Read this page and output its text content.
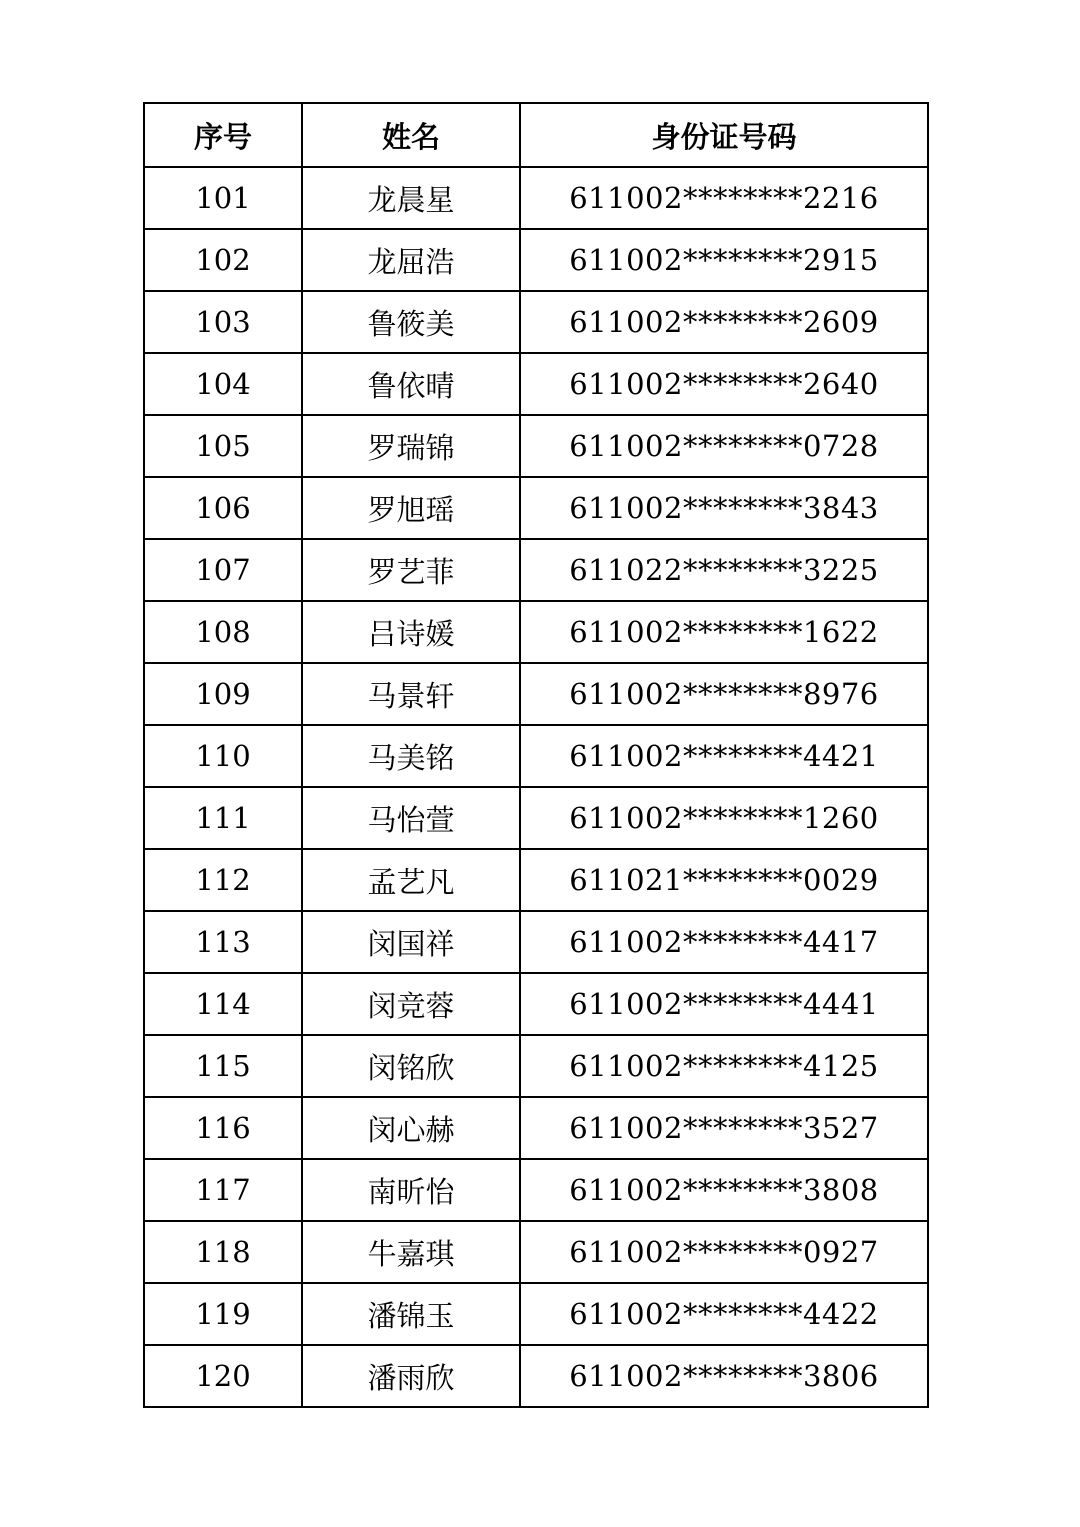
序号	姓名	身份证号码
101	龙晨星	611002********2216
102	龙屈浩	611002********2915
103	鲁筱美	611002********2609
104	鲁依晴	611002********2640
105	罗瑞锦	611002********0728
106	罗旭瑶	611002********3843
107	罗艺菲	611022********3225
108	吕诗媛	611002********1622
109	马景轩	611002********8976
110	马美铭	611002********4421
111	马怡萱	611002********1260
112	孟艺凡	611021********0029
113	闵国祥	611002********4417
114	闵竞蓉	611002********4441
115	闵铭欣	611002********4125
116	闵心赫	611002********3527
117	南昕怡	611002********3808
118	牛嘉琪	611002********0927
119	潘锦玉	611002********4422
120	潘雨欣	611002********3806
